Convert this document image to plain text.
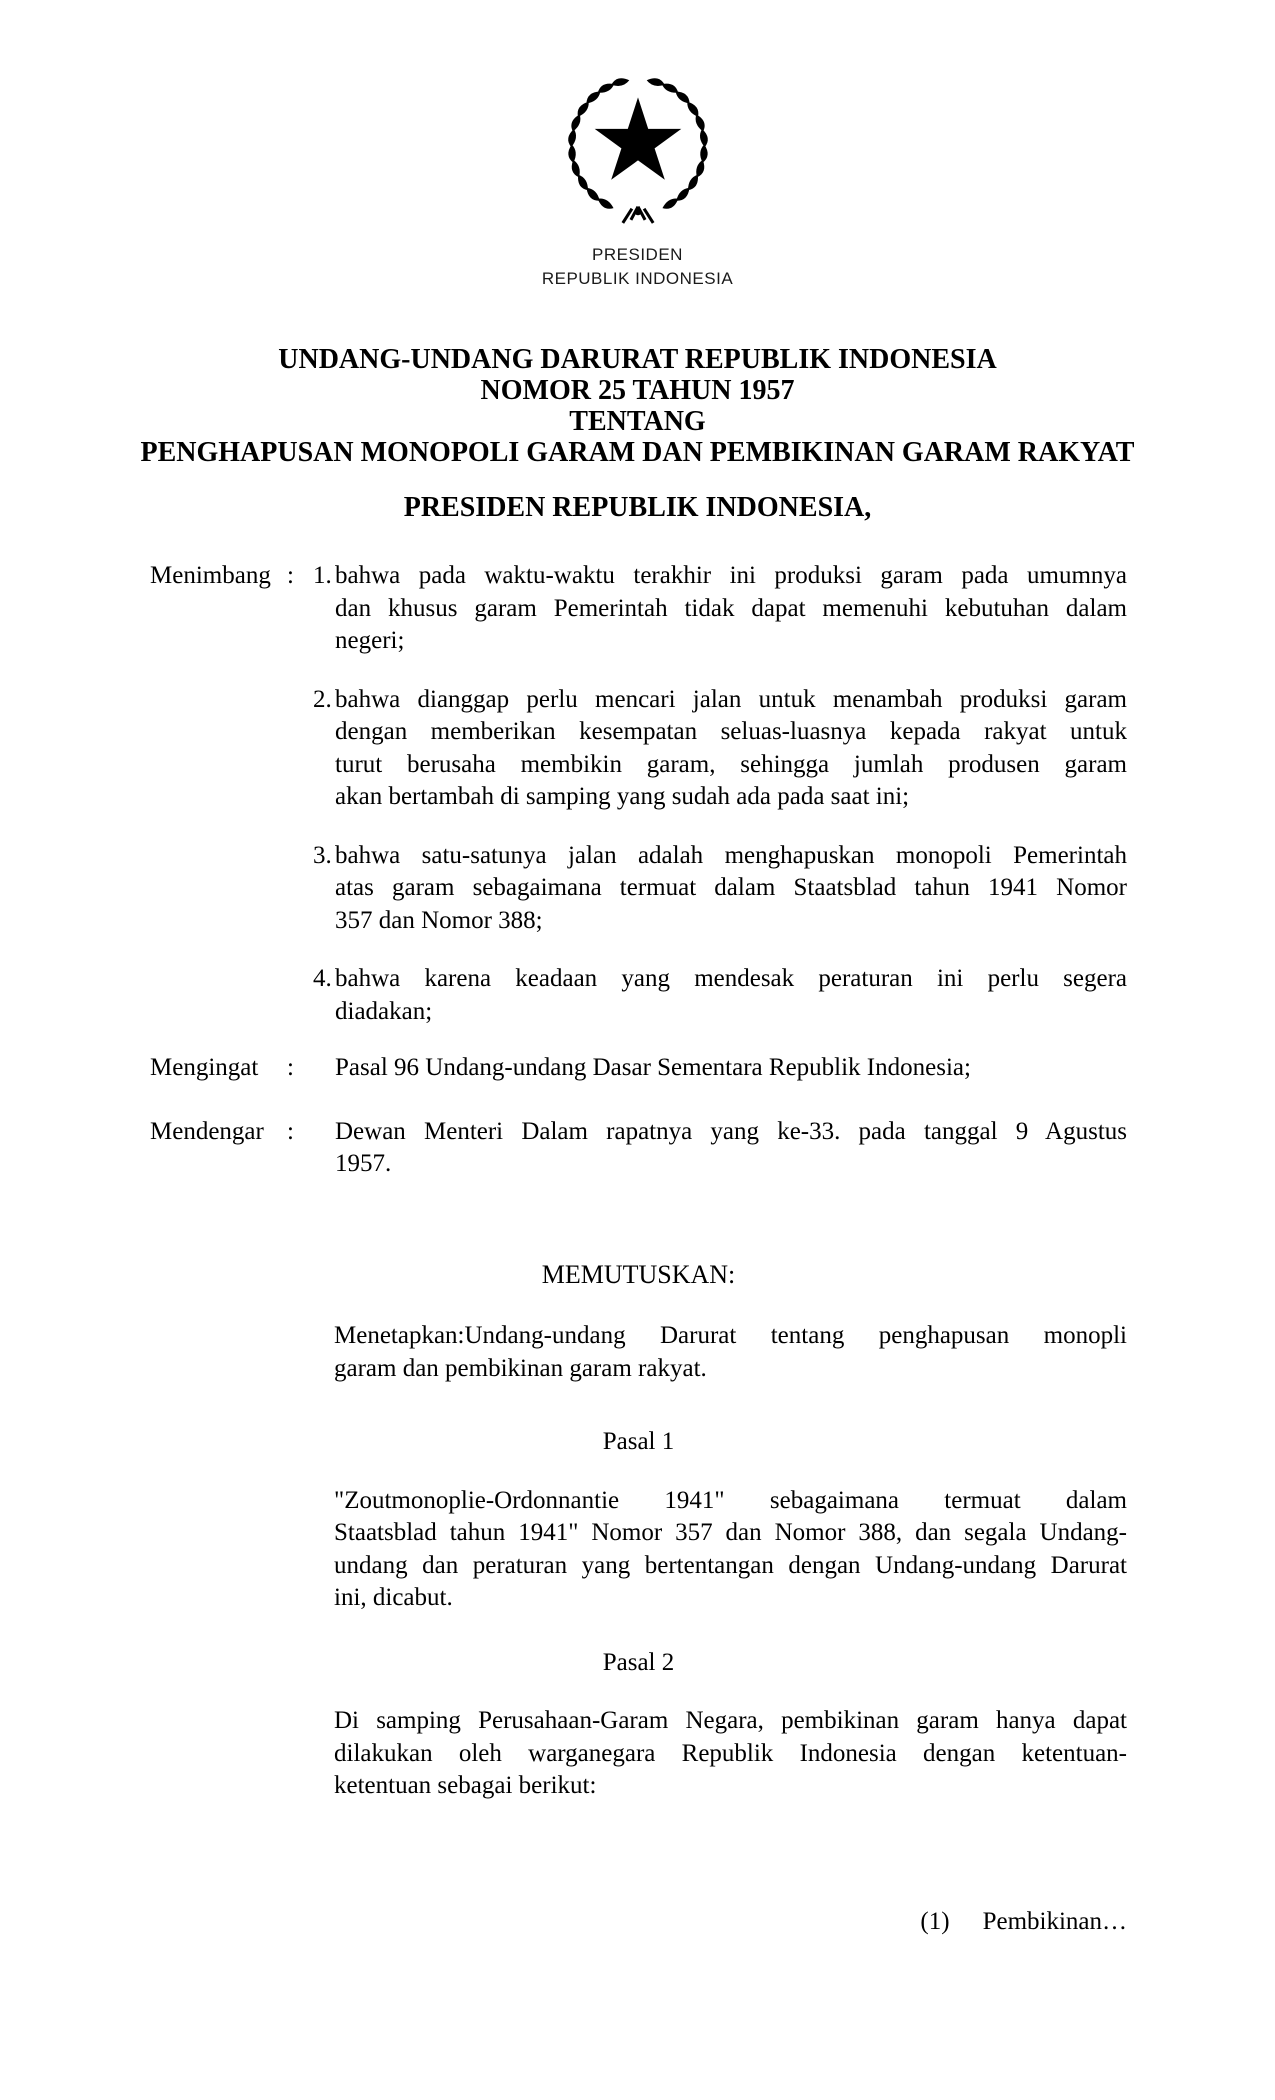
PRESIDEN
REPUBLIK INDONESIA
UNDANG-UNDANG DARURAT REPUBLIK INDONESIA
NOMOR 25 TAHUN 1957
TENTANG
PENGHAPUSAN MONOPOLI GARAM DAN PEMBIKINAN GARAM RAKYAT
PRESIDEN REPUBLIK INDONESIA,
Menimbang : 1. bahwa pada waktu-waktu terakhir ini produksi garam pada umumnya
dan khusus garam Pemerintah tidak dapat memenuhi kebutuhan dalam
negeri;
2. bahwa dianggap perlu mencari jalan untuk menambah produksi garam
dengan memberikan kesempatan seluas-luasnya kepada rakyat untuk
turut berusaha membikin garam, sehingga jumlah produsen garam
akan bertambah di samping yang sudah ada pada saat ini;
3. bahwa satu-satunya jalan adalah menghapuskan monopoli Pemerintah
atas garam sebagaimana termuat dalam Staatsblad tahun 1941 Nomor
357 dan Nomor 388;
4. bahwa karena keadaan yang mendesak peraturan ini perlu segera
diadakan;
Mengingat	:	Pasal 96 Undang-undang Dasar Sementara Republik Indonesia;
Mendengar :	Dewan Menteri Dalam rapatnya yang ke-33. pada tanggal 9 Agustus
1957.
MEMUTUSKAN:
Menetapkan:Undang-undang Darurat tentang penghapusan monopli
garam dan pembikinan garam rakyat.
Pasal 1
"Zoutmonoplie-Ordonnantie 1941" sebagaimana termuat dalam
Staatsblad tahun 1941" Nomor 357 dan Nomor 388, dan segala Undang-
undang dan peraturan yang bertentangan dengan Undang-undang Darurat
ini, dicabut.
Pasal 2
Di samping Perusahaan-Garam Negara, pembikinan garam hanya dapat
dilakukan oleh warganegara Republik Indonesia dengan ketentuan-
ketentuan sebagai berikut:
(1) Pembikinan…
